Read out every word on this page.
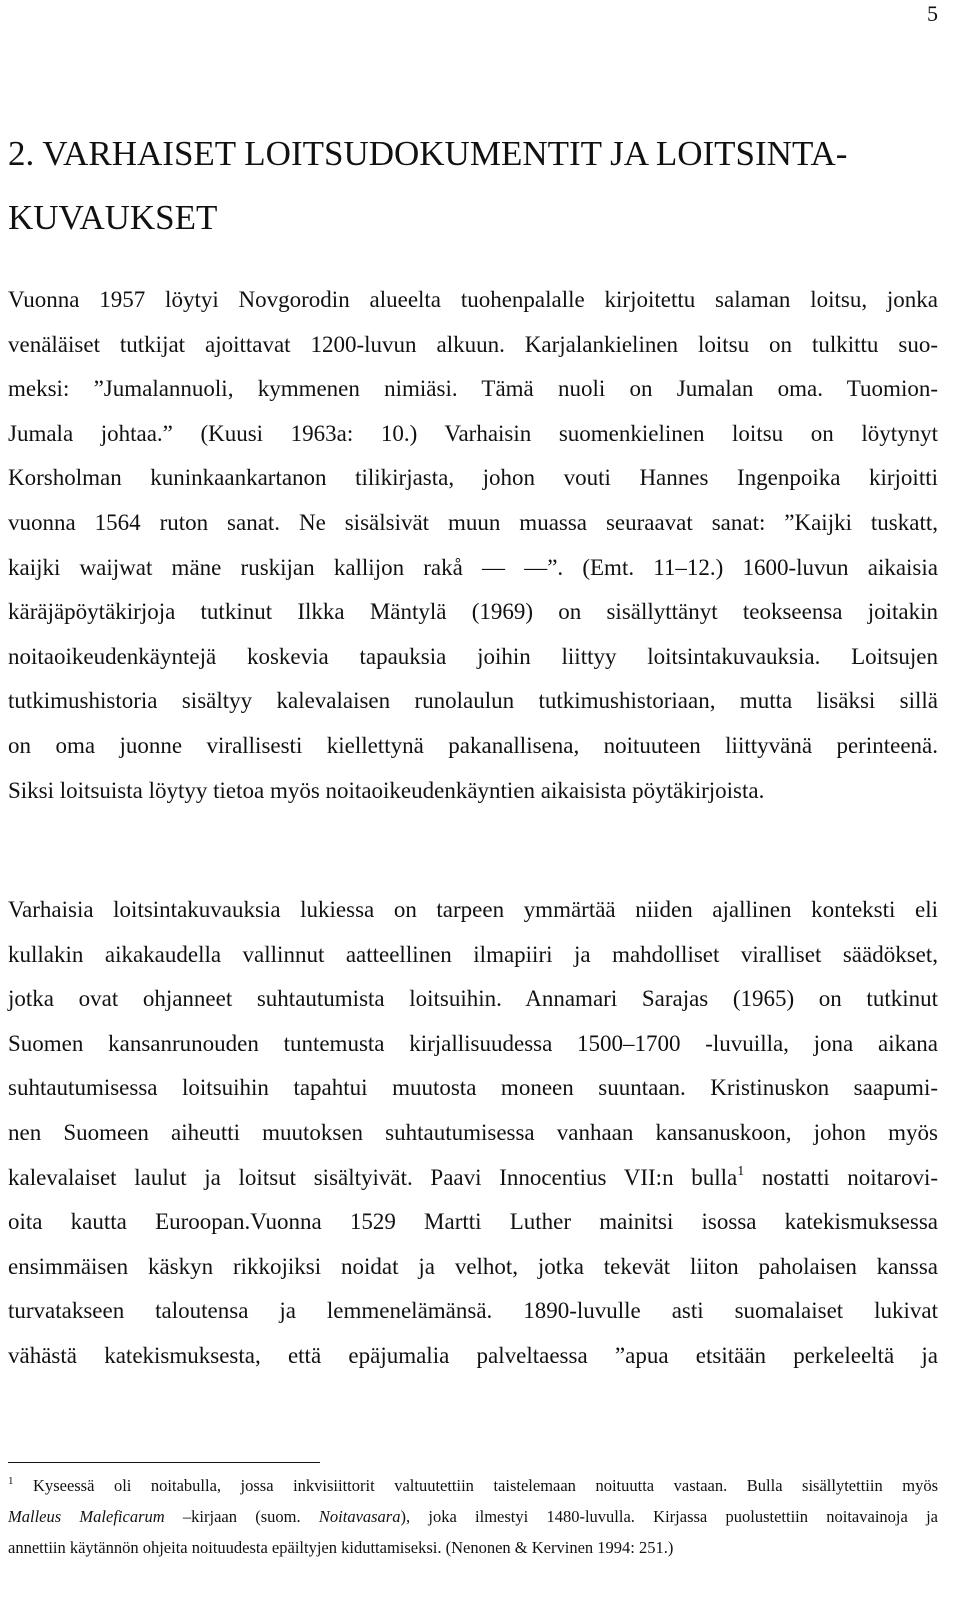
5
2. VARHAISET LOITSUDOKUMENTIT JA LOITSINTA-
KUVAUKSET
Vuonna 1957 löytyi Novgorodin alueelta tuohenpalalle kirjoitettu salaman loitsu, jonka
venäläiset tutkijat ajoittavat 1200-luvun alkuun. Karjalankielinen loitsu on tulkittu suo-
meksi: ”Jumalannuoli, kymmenen nimiäsi. Tämä nuoli on Jumalan oma. Tuomion-
Jumala johtaa.” (Kuusi 1963a: 10.) Varhaisin suomenkielinen loitsu on löytynyt
Korsholman kuninkaankartanon tilikirjasta, johon vouti Hannes Ingenpoika kirjoitti
vuonna 1564 ruton sanat. Ne sisälsivät muun muassa seuraavat sanat: ”Kaijki tuskatt,
kaijki waijwat mäne ruskijan kallijon rakå — —”. (Emt. 11–12.) 1600-luvun aikaisia
käräjäpöytäkirjoja tutkinut Ilkka Mäntylä (1969) on sisällyttänyt teokseensa joitakin
noitaoikeudenkäyntejä koskevia tapauksia joihin liittyy loitsintakuvauksia. Loitsujen
tutkimushistoria sisältyy kalevalaisen runolaulun tutkimushistoriaan, mutta lisäksi sillä
on oma juonne virallisesti kiellettynä pakanallisena, noituuteen liittyvänä perinteenä.
Siksi loitsuista löytyy tietoa myös noitaoikeudenkäyntien aikaisista pöytäkirjoista.
Varhaisia loitsintakuvauksia lukiessa on tarpeen ymmärtää niiden ajallinen konteksti eli
kullakin aikakaudella vallinnut aatteellinen ilmapiiri ja mahdolliset viralliset säädökset,
jotka ovat ohjanneet suhtautumista loitsuihin. Annamari Sarajas (1965) on tutkinut
Suomen kansanrunouden tuntemusta kirjallisuudessa 1500–1700 -luvuilla, jona aikana
suhtautumisessa loitsuihin tapahtui muutosta moneen suuntaan. Kristinuskon saapumi-
nen Suomeen aiheutti muutoksen suhtautumisessa vanhaan kansanuskoon, johon myös
kalevalaiset laulut ja loitsut sisältyivät. Paavi Innocentius VII:n bulla$^1$ nostatti noitarovi-
oita kautta Euroopan.Vuonna 1529 Martti Luther mainitsi isossa katekismuksessa
ensimmäisen käskyn rikkojiksi noidat ja velhot, jotka tekevät liiton paholaisen kanssa
turvatakseen taloutensa ja lemmenelämänsä. 1890-luvulle asti suomalaiset lukivat
vähästä katekismuksesta, että epäjumalia palveltaessa ”apua etsitään perkeleeltä ja
$^1$ Kyseessä oli noitabulla, jossa inkvisiittorit valtuutettiin taistelemaan noituutta vastaan. Bulla sisällytettiin myös
Malleus Maleficarum –kirjaan (suom. Noitavasara), joka ilmestyi 1480-luvulla. Kirjassa puolustettiin noitavainoja ja
annettiin käytännön ohjeita noituudesta epäiltyjen kiduttamiseksi. (Nenonen & Kervinen 1994: 251.)
